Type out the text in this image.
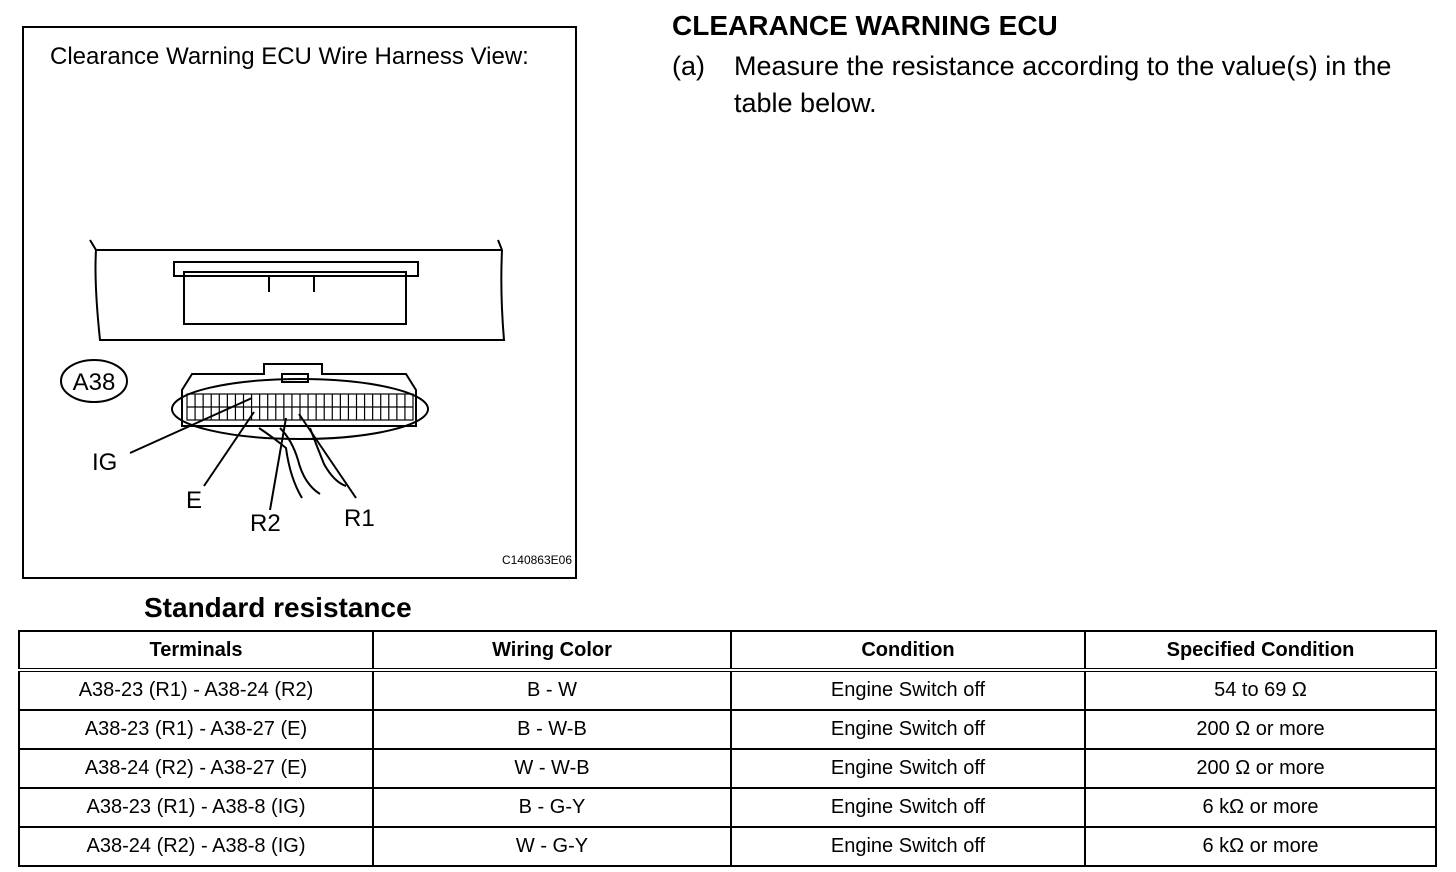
Clearance Warning ECU Wire Harness View:
A38
IG
E
R2	R1
C140863E06
CLEARANCE WARNING ECU
(a) Measure the resistance according to the value(s) in the table below.
Standard resistance
Terminals	Wiring Color	Condition	Specified Condition
A38-23 (R1) - A38-24 (R2)	B - W	Engine Switch off	54 to 69 Ω
A38-23 (R1) - A38-27 (E)	B - W-B	Engine Switch off	200 Ω or more
A38-24 (R2) - A38-27 (E)	W - W-B	Engine Switch off	200 Ω or more
A38-23 (R1) - A38-8 (IG)	B - G-Y	Engine Switch off	6 kΩ or more
A38-24 (R2) - A38-8 (IG)	W - G-Y	Engine Switch off	6 kΩ or more
